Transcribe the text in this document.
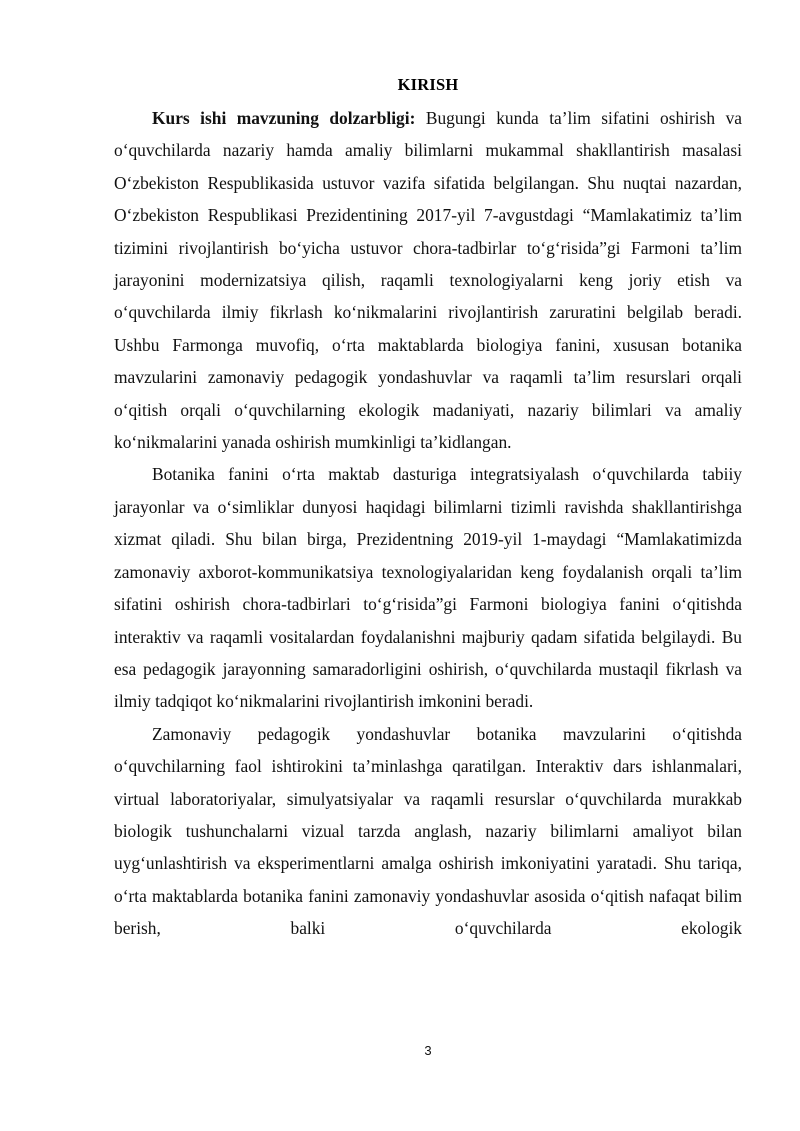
KIRISH

Kurs ishi mavzuning dolzarbligi: Bugungi kunda ta’lim sifatini oshirish va o‘quvchilarda nazariy hamda amaliy bilimlarni mukammal shakllantirish masalasi O‘zbekiston Respublikasida ustuvor vazifa sifatida belgilangan. Shu nuqtai nazardan, O‘zbekiston Respublikasi Prezidentining 2017-yil 7-avgustdagi “Mamlakatimiz ta’lim tizimini rivojlantirish bo‘yicha ustuvor chora-tadbirlar to‘g‘risida”gi Farmoni ta’lim jarayonini modernizatsiya qilish, raqamli texnologiyalarni keng joriy etish va o‘quvchilarda ilmiy fikrlash ko‘nikmalarini rivojlantirish zaruratini belgilab beradi. Ushbu Farmonga muvofiq, o‘rta maktablarda biologiya fanini, xususan botanika mavzularini zamonaviy pedagogik yondashuvlar va raqamli ta’lim resurslari orqali o‘qitish orqali o‘quvchilarning ekologik madaniyati, nazariy bilimlari va amaliy ko‘nikmalarini yanada oshirish mumkinligi ta’kidlangan.

Botanika fanini o‘rta maktab dasturiga integratsiyalash o‘quvchilarda tabiiy jarayonlar va o‘simliklar dunyosi haqidagi bilimlarni tizimli ravishda shakllantirishga xizmat qiladi. Shu bilan birga, Prezidentning 2019-yil 1-maydagi “Mamlakatimizda zamonaviy axborot-kommunikatsiya texnologiyalaridan keng foydalanish orqali ta’lim sifatini oshirish chora-tadbirlari to‘g‘risida”gi Farmoni biologiya fanini o‘qitishda interaktiv va raqamli vositalardan foydalanishni majburiy qadam sifatida belgilaydi. Bu esa pedagogik jarayonning samaradorligini oshirish, o‘quvchilarda mustaqil fikrlash va ilmiy tadqiqot ko‘nikmalarini rivojlantirish imkonini beradi.

Zamonaviy pedagogik yondashuvlar botanika mavzularini o‘qitishda o‘quvchilarning faol ishtirokini ta’minlashga qaratilgan. Interaktiv dars ishlanmalari, virtual laboratoriyalar, simulyatsiyalar va raqamli resurslar o‘quvchilarda murakkab biologik tushunchalarni vizual tarzda anglash, nazariy bilimlarni amaliyot bilan uyg‘unlashtirish va eksperimentlarni amalga oshirish imkoniyatini yaratadi. Shu tariqa, o‘rta maktablarda botanika fanini zamonaviy yondashuvlar asosida o‘qitish nafaqat bilim berish, balki o‘quvchilarda ekologik

3
